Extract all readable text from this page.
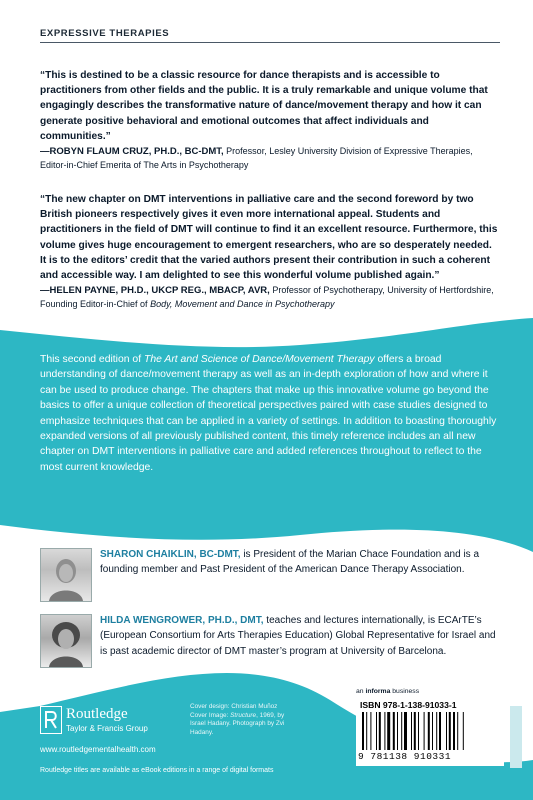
EXPRESSIVE THERAPIES
“This is destined to be a classic resource for dance therapists and is accessible to practitioners from other fields and the public. It is a truly remarkable and unique volume that engagingly describes the transformative nature of dance/movement therapy and how it can generate positive behavioral and emotional outcomes that affect individuals and communities.”
—ROBYN FLAUM CRUZ, PH.D., BC-DMT, Professor, Lesley University Division of Expressive Therapies, Editor-in-Chief Emerita of The Arts in Psychotherapy
“The new chapter on DMT interventions in palliative care and the second foreword by two British pioneers respectively gives it even more international appeal. Students and practitioners in the field of DMT will continue to find it an excellent resource. Furthermore, this volume gives huge encouragement to emergent researchers, who are so desperately needed. It is to the editors’ credit that the varied authors present their contribution in such a coherent and accessible way. I am delighted to see this wonderful volume published again.”
—HELEN PAYNE, PH.D., UKCP REG., MBACP, AVR, Professor of Psychotherapy, University of Hertfordshire, Founding Editor-in-Chief of Body, Movement and Dance in Psychotherapy
This second edition of The Art and Science of Dance/Movement Therapy offers a broad understanding of dance/movement therapy as well as an in-depth exploration of how and where it can be used to produce change. The chapters that make up this innovative volume go beyond the basics to offer a unique collection of theoretical perspectives paired with case studies designed to emphasize techniques that can be applied in a variety of settings. In addition to boasting thoroughly expanded versions of all previously published content, this timely reference includes an all new chapter on DMT interventions in palliative care and added references throughout to reflect to the most current knowledge.
SHARON CHAIKLIN, BC-DMT, is President of the Marian Chace Foundation and is a founding member and Past President of the American Dance Therapy Association.
HILDA WENGROWER, PH.D., DMT, teaches and lectures internationally, is ECArTE’s (European Consortium for Arts Therapies Education) Global Representative for Israel and is past academic director of DMT master’s program at University of Barcelona.
Routledge
Taylor & Francis Group
Cover design: Christian Muñoz
Cover Image: Structure, 1969, by Israel Hadany. Photograph by Zvi Hadany.
www.routledgementalhealth.com
Routledge titles are available as eBook editions in a range of digital formats
an informa business
ISBN 978-1-138-91033-1
9 781138 910331
